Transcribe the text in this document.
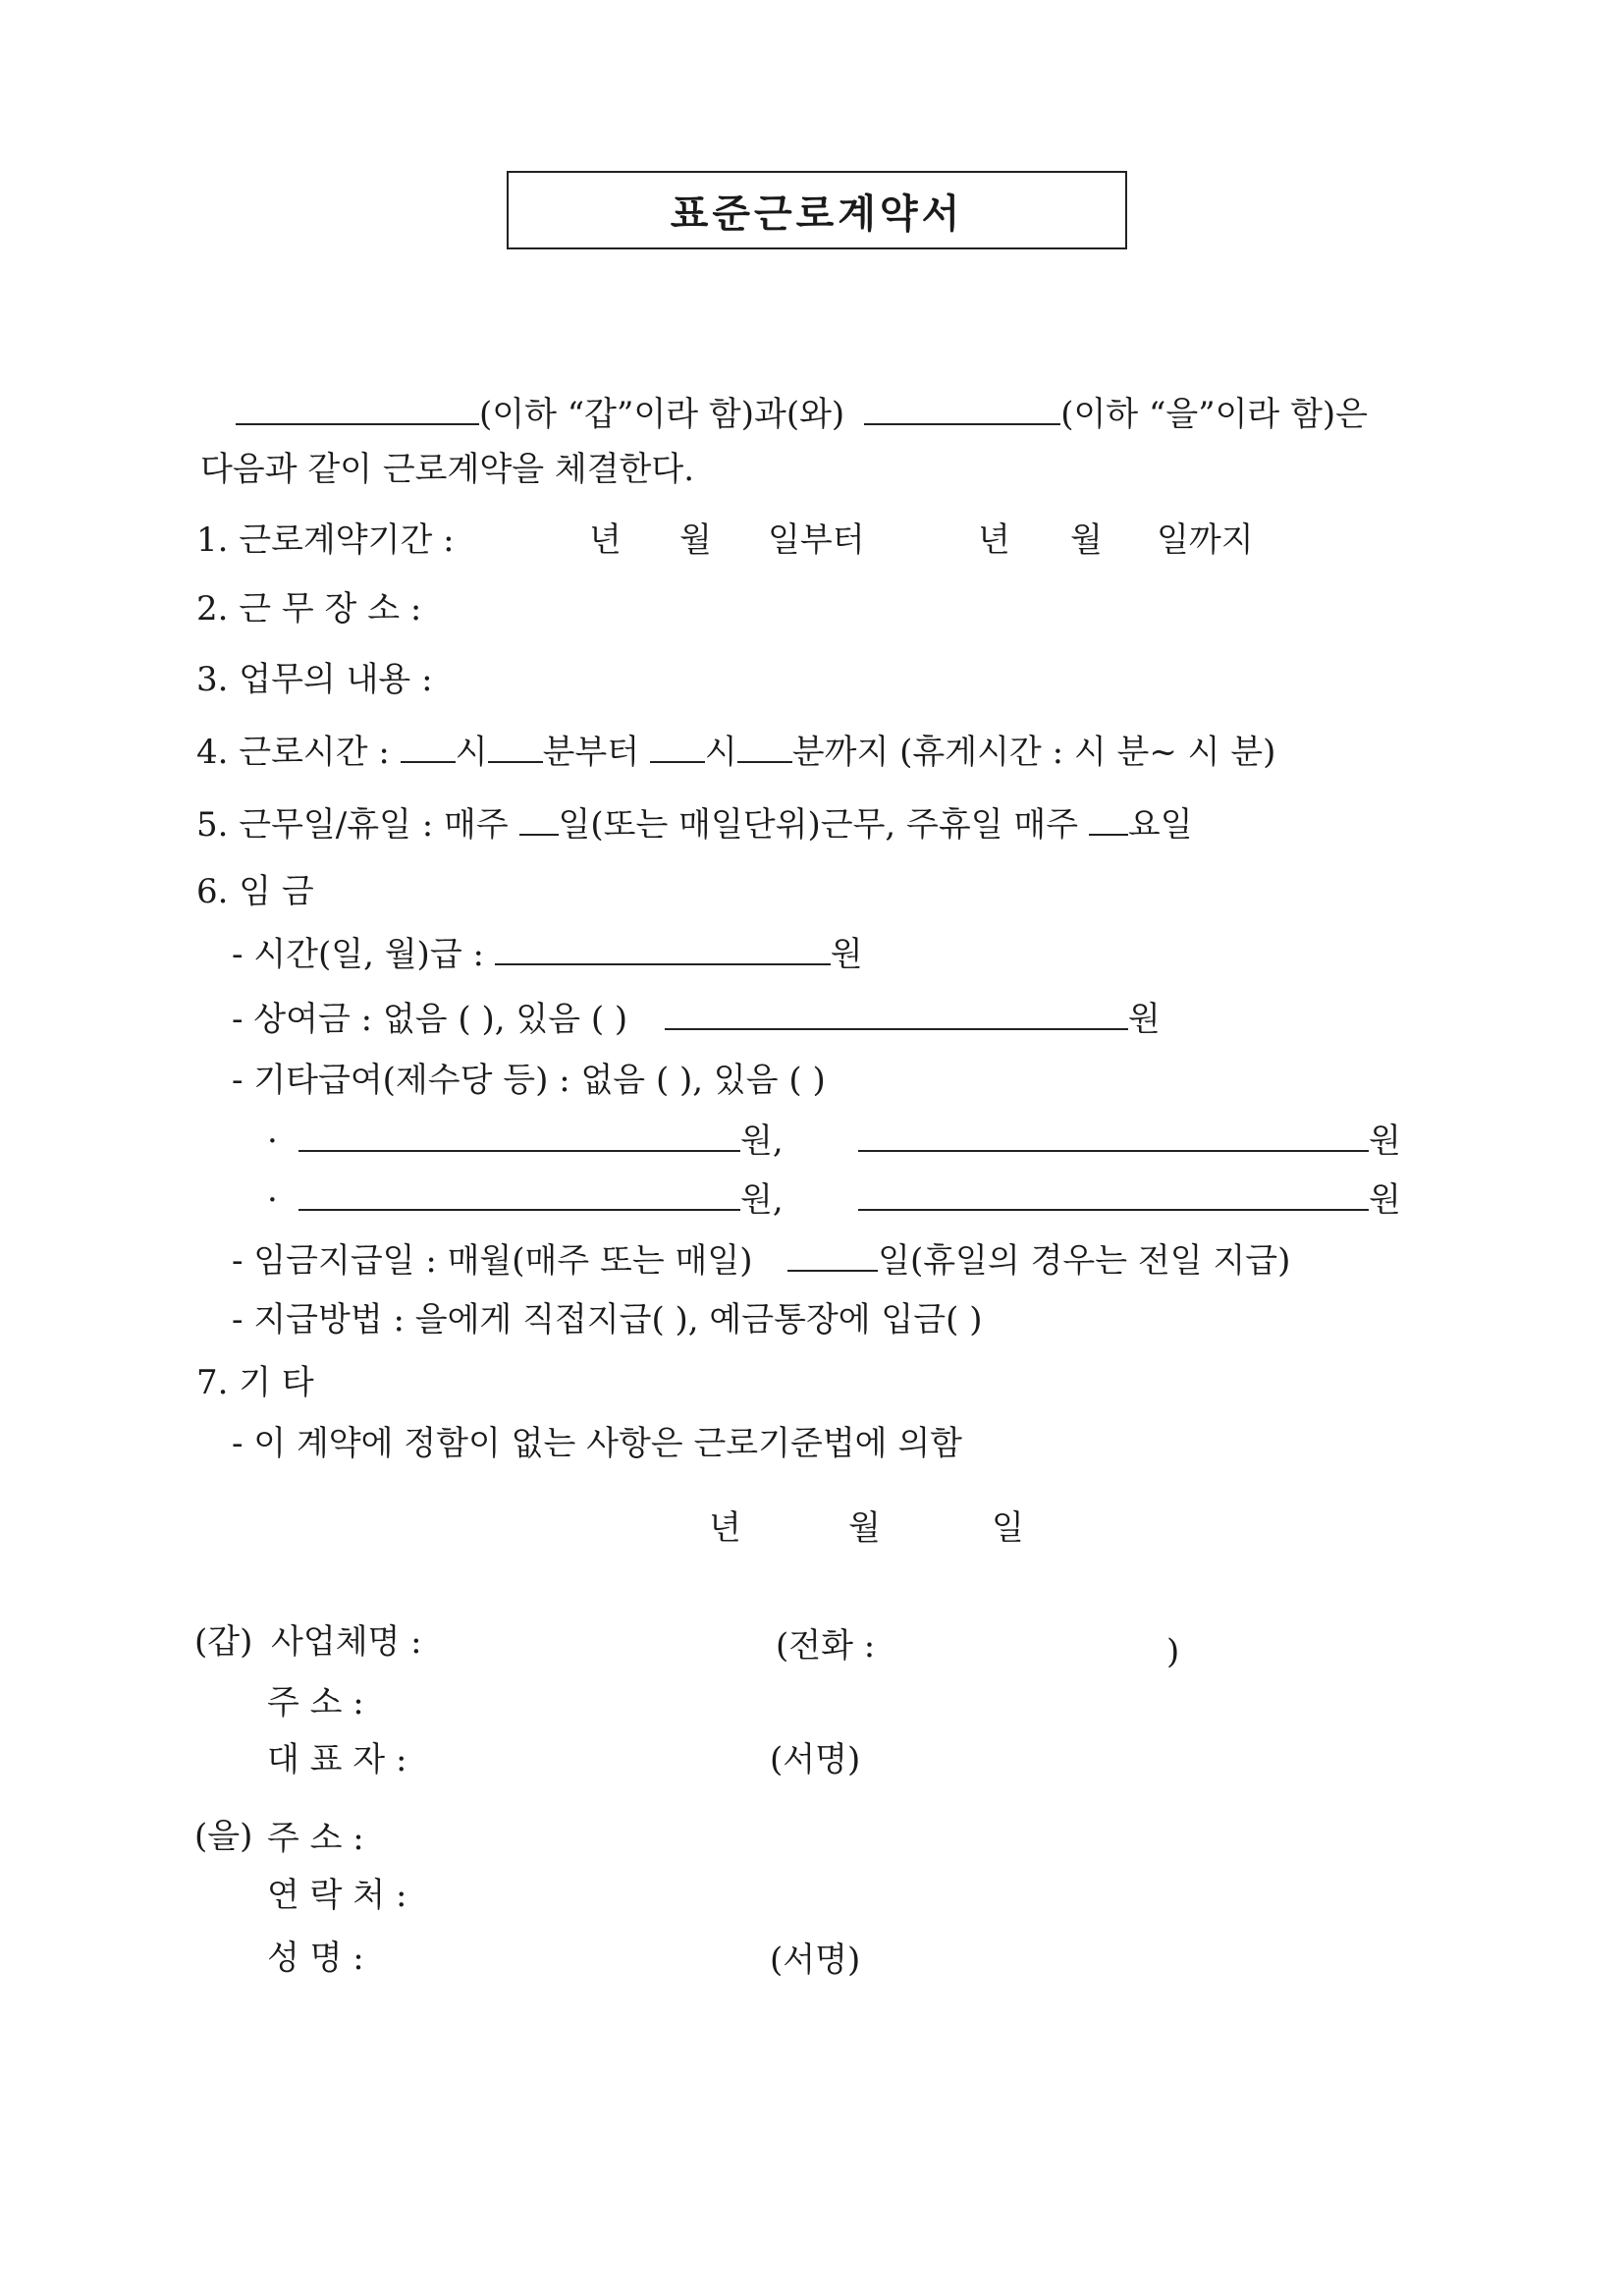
표준근로계약서
(이하 “갑”이라 함)과(와)	(이하 “을”이라 함)은
다음과 같이 근로계약을 체결한다.
1. 근로계약기간 :	년 월 일부터	년 월 일까지
2. 근 무 장 소 :
3. 업무의 내용 :
4. 근로시간 : 시 분부터 시 분까지 (휴게시간 : 시 분~ 시 분)
5. 근무일/휴일 : 매주 일(또는 매일단위)근무, 주휴일 매주 요일
6. 임 금
- 시간(일, 월)급 :	원
- 상여금 : 없음 ( ), 있음 ( )	원
- 기타급여(제수당 등) : 없음 ( ), 있음 ( )
·	원,	원
·	원,	원
- 임금지급일 : 매월(매주 또는 매일)	일(휴일의 경우는 전일 지급)
- 지급방법 : 을에게 직접지급( ), 예금통장에 입금( )
7. 기 타
- 이 계약에 정함이 없는 사항은 근로기준법에 의함
년	월	일
(갑) 사업체명 :	(전화 :	)
주 소 :
대 표 자 :	(서명)
(을) 주 소 :
연 락 처 :
성 명 :	(서명)
